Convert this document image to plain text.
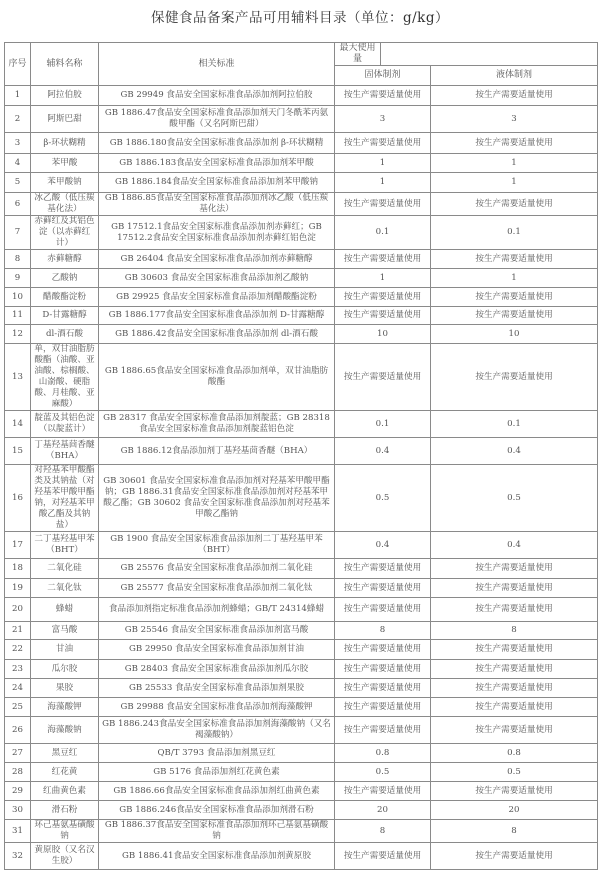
保健食品备案产品可用辅料目录（单位：g/kg）
序号	辅料名称	相关标准	最大使用量		
			固体制剂		液体制剂
1	阿拉伯胶	GB 29949 食品安全国家标准食品添加剂阿拉伯胶	按生产需要适量使用		按生产需要适量使用
2	阿斯巴甜	GB 1886.47食品安全国家标准食品添加剂天门冬酰苯丙氨酸甲酯（又名阿斯巴甜）	3		3
3	β-环状糊精	GB 1886.180食品安全国家标准食品添加剂 β-环状糊精	按生产需要适量使用		按生产需要适量使用
4	苯甲酸	GB 1886.183食品安全国家标准食品添加剂苯甲酸	1		1
5	苯甲酸钠	GB 1886.184食品安全国家标准食品添加剂苯甲酸钠	1		1
6	冰乙酸（低压羰基化法）	GB 1886.85食品安全国家标准食品添加剂冰乙酸（低压羰基化法）	按生产需要适量使用		按生产需要适量使用
7	赤藓红及其铝色淀（以赤藓红计）	GB 17512.1食品安全国家标准食品添加剂赤藓红；GB 17512.2食品安全国家标准食品添加剂赤藓红铝色淀	0.1		0.1
8	赤藓糖醇	GB 26404 食品安全国家标准食品添加剂赤藓糖醇	按生产需要适量使用		按生产需要适量使用
9	乙酸钠	GB 30603 食品安全国家标准食品添加剂乙酸钠	1		1
10	醋酸酯淀粉	GB 29925 食品安全国家标准食品添加剂醋酸酯淀粉	按生产需要适量使用		按生产需要适量使用
11	D-甘露糖醇	GB 1886.177食品安全国家标准食品添加剂 D-甘露糖醇	按生产需要适量使用		按生产需要适量使用
12	dl-酒石酸	GB 1886.42食品安全国家标准食品添加剂 dl-酒石酸	10		10
13	单，双甘油脂肪酸酯（油酸、亚油酸、棕榈酸、山嵛酸、硬脂酸、月桂酸、亚麻酸）	GB 1886.65食品安全国家标准食品添加剂单，双甘油脂肪酸酯	按生产需要适量使用		按生产需要适量使用
14	靛蓝及其铝色淀（以靛蓝计）	GB 28317 食品安全国家标准食品添加剂靛蓝；GB 28318 食品安全国家标准食品添加剂靛蓝铝色淀	0.1		0.1
15	丁基羟基茴香醚（BHA）	GB 1886.12食品添加剂丁基羟基茴香醚（BHA）	0.4		0.4
16	对羟基苯甲酸酯类及其钠盐（对羟基苯甲酸甲酯钠，对羟基苯甲酸乙酯及其钠盐）	GB 30601 食品安全国家标准食品添加剂对羟基苯甲酸甲酯钠；GB 1886.31食品安全国家标准食品添加剂对羟基苯甲酸乙酯；GB 30602 食品安全国家标准食品添加剂对羟基苯甲酸乙酯钠	0.5		0.5
17	二丁基羟基甲苯（BHT）	GB 1900 食品安全国家标准食品添加剂二丁基羟基甲苯（BHT）	0.4		0.4
18	二氧化硅	GB 25576 食品安全国家标准食品添加剂二氧化硅	按生产需要适量使用		按生产需要适量使用
19	二氧化钛	GB 25577 食品安全国家标准食品添加剂二氧化钛	按生产需要适量使用		按生产需要适量使用
20	蜂蜡	食品添加剂指定标准食品添加剂蜂蜡；GB/T 24314蜂蜡	按生产需要适量使用		按生产需要适量使用
21	富马酸	GB 25546 食品安全国家标准食品添加剂富马酸	8		8
22	甘油	GB 29950 食品安全国家标准食品添加剂甘油	按生产需要适量使用		按生产需要适量使用
23	瓜尔胶	GB 28403 食品安全国家标准食品添加剂瓜尔胶	按生产需要适量使用		按生产需要适量使用
24	果胶	GB 25533 食品安全国家标准食品添加剂果胶	按生产需要适量使用		按生产需要适量使用
25	海藻酸钾	GB 29988 食品安全国家标准食品添加剂海藻酸钾	按生产需要适量使用		按生产需要适量使用
26	海藻酸钠	GB 1886.243食品安全国家标准食品添加剂海藻酸钠（又名褐藻酸钠）	按生产需要适量使用		按生产需要适量使用
27	黑豆红	QB/T 3793 食品添加剂黑豆红	0.8		0.8
28	红花黄	GB 5176 食品添加剂红花黄色素	0.5		0.5
29	红曲黄色素	GB 1886.66食品安全国家标准食品添加剂红曲黄色素	按生产需要适量使用		按生产需要适量使用
30	滑石粉	GB 1886.246食品安全国家标准食品添加剂滑石粉	20		20
31	环己基氨基磺酸钠	GB 1886.37食品安全国家标准食品添加剂环己基氨基磺酸钠	8		8
32	黄原胶（又名汉生胶）	GB 1886.41食品安全国家标准食品添加剂黄原胶	按生产需要适量使用		按生产需要适量使用
